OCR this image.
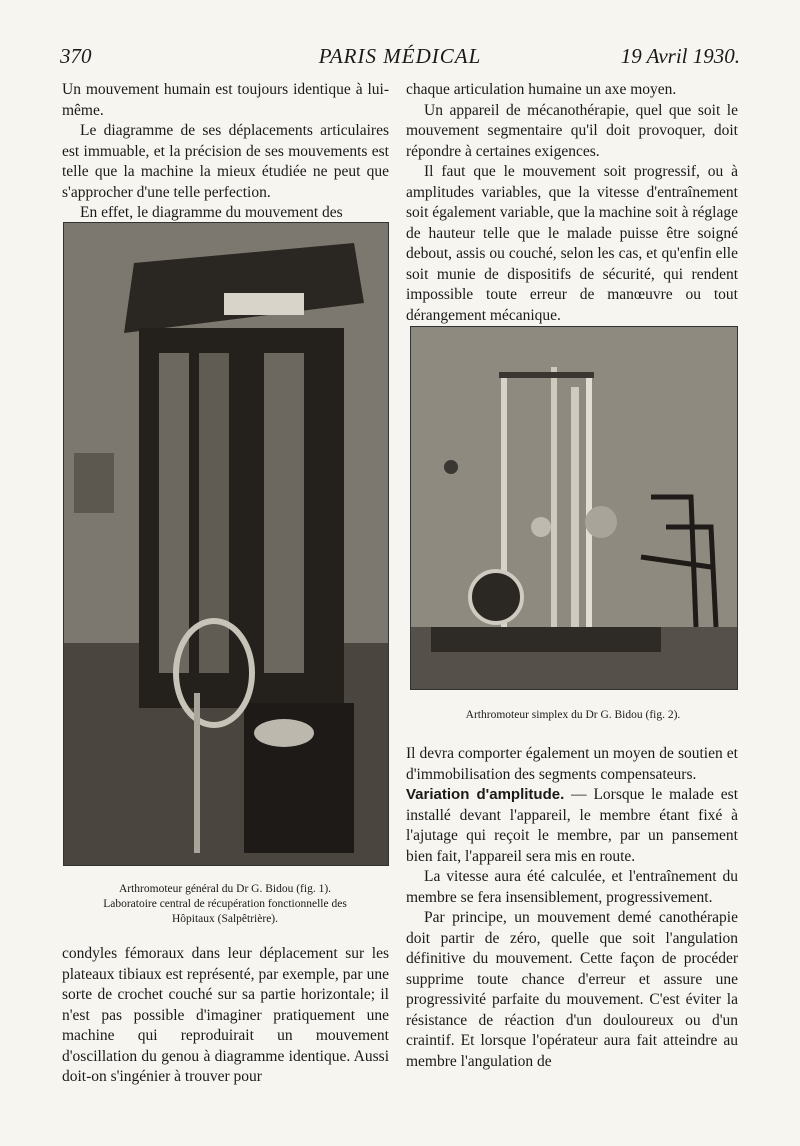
370	PARIS MÉDICAL	19 Avril 1930.

Un mouvement humain est toujours identique à lui-même.

Le diagramme de ses déplacements articulaires est immuable, et la précision de ses mouvements est telle que la machine la mieux étudiée ne peut que s'approcher d'une telle perfection.

En effet, le diagramme du mouvement des

Arthromoteur général du Dr G. Bidou (fig. 1).
Laboratoire central de récupération fonctionnelle des
Hôpitaux (Salpêtrière).

condyles fémoraux dans leur déplacement sur les plateaux tibiaux est représenté, par exemple, par une sorte de crochet couché sur sa partie horizontale; il n'est pas possible d'imaginer pratiquement une machine qui reproduirait un mouvement d'oscillation du genou à diagramme identique. Aussi doit-on s'ingénier à trouver pour

chaque articulation humaine un axe moyen.

Un appareil de mécanothérapie, quel que soit le mouvement segmentaire qu'il doit provoquer, doit répondre à certaines exigences.

Il faut que le mouvement soit progressif, ou à amplitudes variables, que la vitesse d'entraînement soit également variable, que la machine soit à réglage de hauteur telle que le malade puisse être soigné debout, assis ou couché, selon les cas, et qu'enfin elle soit munie de dispositifs de sécurité, qui rendent impossible toute erreur de manœuvre ou tout dérangement mécanique.

Arthromoteur simplex du Dr G. Bidou (fig. 2).

Il devra comporter également un moyen de soutien et d'immobilisation des segments compensateurs.

Variation d'amplitude. — Lorsque le malade est installé devant l'appareil, le membre étant fixé à l'ajutage qui reçoit le membre, par un pansement bien fait, l'appareil sera mis en route.

La vitesse aura été calculée, et l'entraînement du membre se fera insensiblement, progressivement.

Par principe, un mouvement demé canothérapie doit partir de zéro, quelle que soit l'angulation définitive du mouvement. Cette façon de procéder supprime toute chance d'erreur et assure une progressivité parfaite du mouvement. C'est éviter la résistance de réaction d'un douloureux ou d'un craintif. Et lorsque l'opérateur aura fait atteindre au membre l'angulation de
